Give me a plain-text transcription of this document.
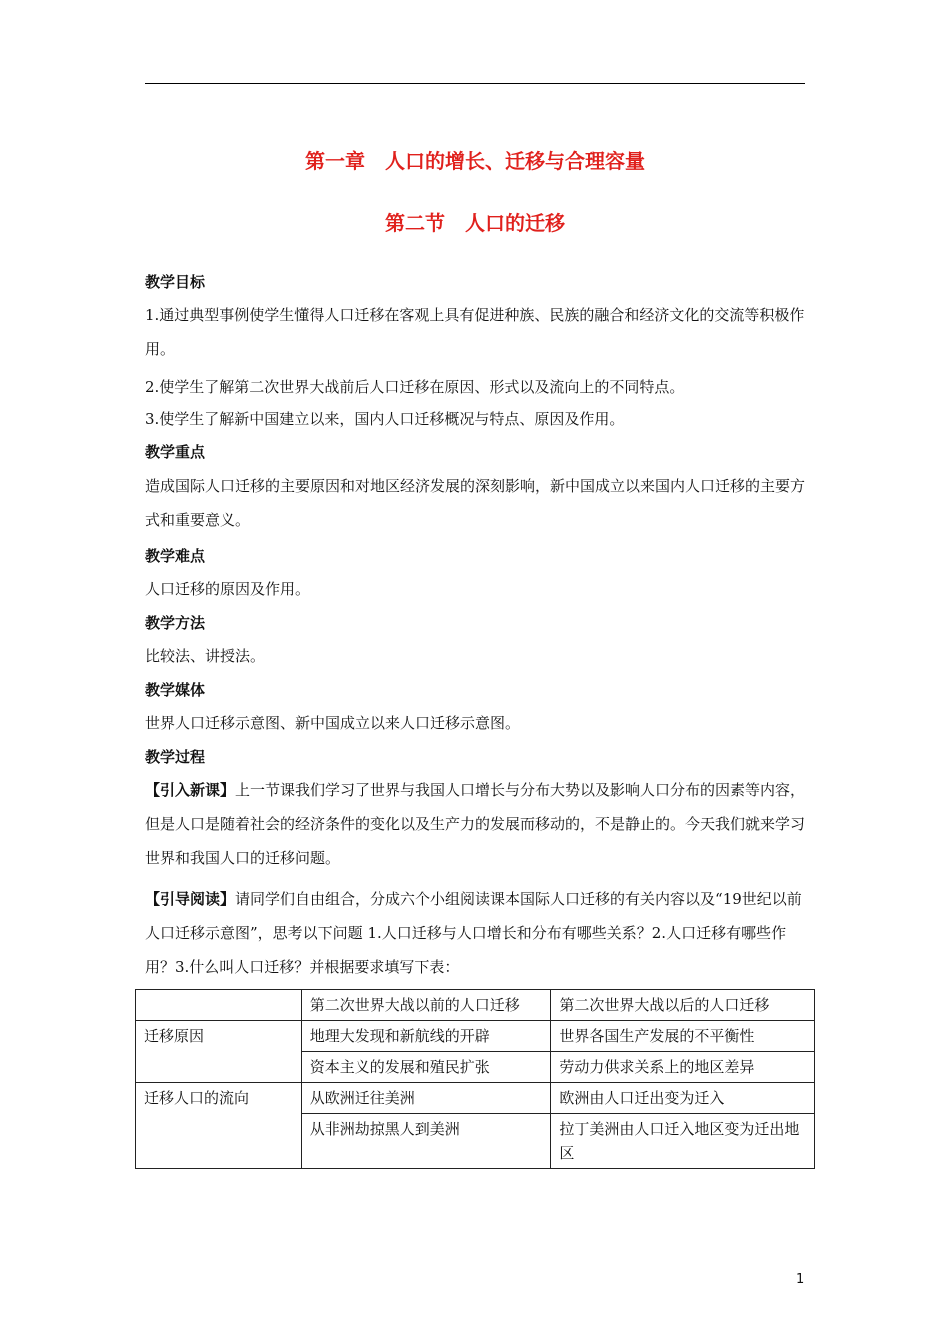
第一章　人口的增长、迁移与合理容量
第二节　人口的迁移
教学目标
1.通过典型事例使学生懂得人口迁移在客观上具有促进种族、民族的融合和经济文化的交流等积极作用。
2.使学生了解第二次世界大战前后人口迁移在原因、形式以及流向上的不同特点。
3.使学生了解新中国建立以来，国内人口迁移概况与特点、原因及作用。
教学重点
造成国际人口迁移的主要原因和对地区经济发展的深刻影响，新中国成立以来国内人口迁移的主要方式和重要意义。
教学难点
人口迁移的原因及作用。
教学方法
比较法、讲授法。
教学媒体
世界人口迁移示意图、新中国成立以来人口迁移示意图。
教学过程
【引入新课】上一节课我们学习了世界与我国人口增长与分布大势以及影响人口分布的因素等内容，但是人口是随着社会的经济条件的变化以及生产力的发展而移动的，不是静止的。今天我们就来学习世界和我国人口的迁移问题。
【引导阅读】请同学们自由组合，分成六个小组阅读课本国际人口迁移的有关内容以及“19世纪以前人口迁移示意图”，思考以下问题 1.人口迁移与人口增长和分布有哪些关系？2.人口迁移有哪些作用？3.什么叫人口迁移？并根据要求填写下表：
	第二次世界大战以前的人口迁移	第二次世界大战以后的人口迁移
迁移原因	地理大发现和新航线的开辟	世界各国生产发展的不平衡性
	资本主义的发展和殖民扩张	劳动力供求关系上的地区差异
迁移人口的流向	从欧洲迁往美洲	欧洲由人口迁出变为迁入
	从非洲劫掠黑人到美洲	拉丁美洲由人口迁入地区变为迁出地区
1
